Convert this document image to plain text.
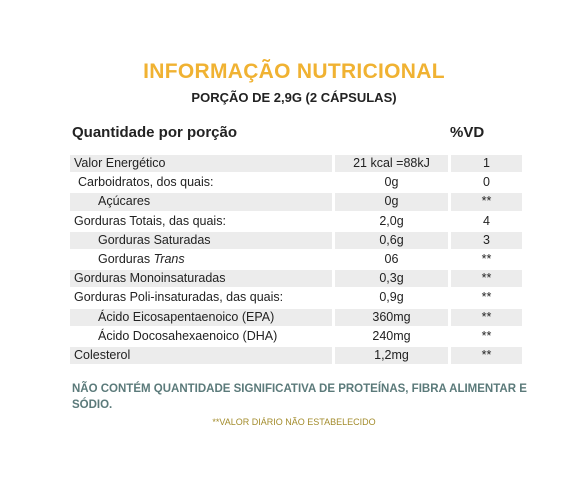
INFORMAÇÃO NUTRICIONAL
PORÇÃO DE 2,9G (2 CÁPSULAS)
Quantidade por porção	%VD
Valor Energético	21 kcal =88kJ	1
Carboidratos, dos quais:	0g	0
Açúcares	0g	**
Gorduras Totais, das quais:	2,0g	4
Gorduras Saturadas	0,6g	3
Gorduras Trans	06	**
Gorduras Monoinsaturadas	0,3g	**
Gorduras Poli-insaturadas, das quais:	0,9g	**
Ácido Eicosapentaenoico (EPA)	360mg	**
Ácido Docosahexaenoico (DHA)	240mg	**
Colesterol	1,2mg	**
NÃO CONTÉM QUANTIDADE SIGNIFICATIVA DE PROTEÍNAS, FIBRA ALIMENTAR E SÓDIO.
**VALOR DIÁRIO NÃO ESTABELECIDO
